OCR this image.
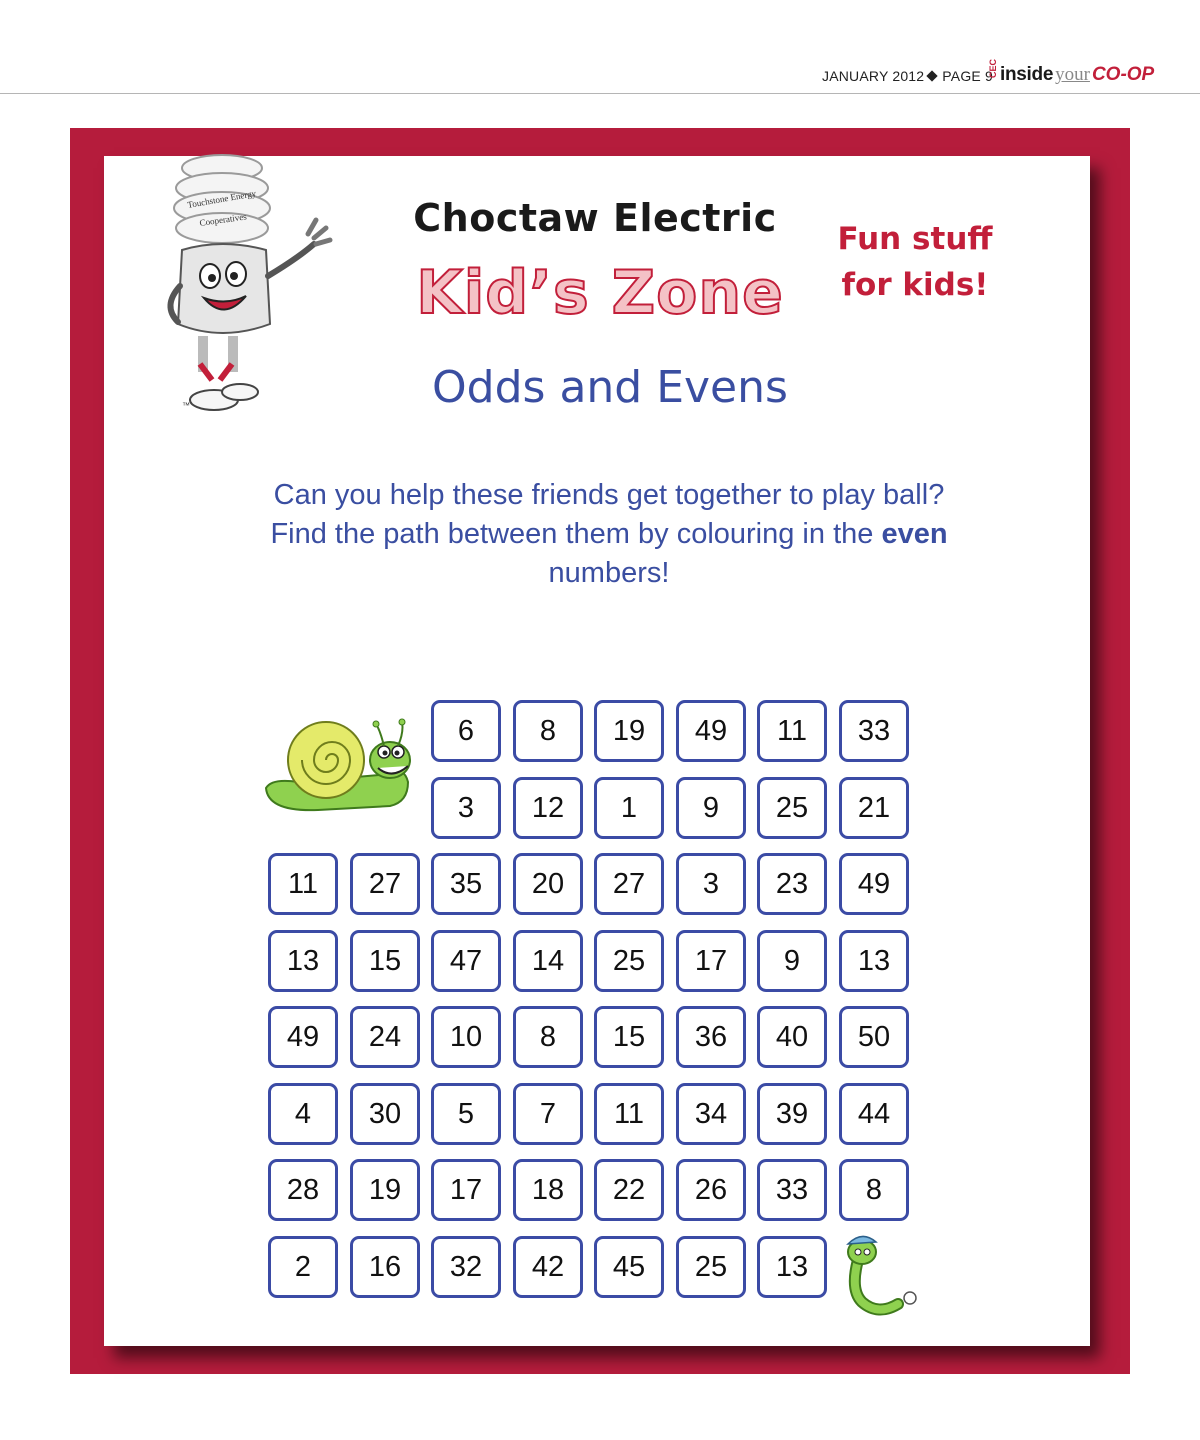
JANUARY 2012 PAGE 9
CEC inside your CO-OP
Touchstone Energy
Cooperatives
™
Choctaw Electric
Kid’s Zone
Fun stuff
for kids!
Odds and Evens
Can you help these friends get together to play ball? Find the path between them by colouring in the even numbers!
6	8	19	49	11	33
3	12	1	9	25	21
11	27	35	20	27	3	23	49
13	15	47	14	25	17	9	13
49	24	10	8	15	36	40	50
4	30	5	7	11	34	39	44
28	19	17	18	22	26	33	8
2	16	32	42	45	25	13
